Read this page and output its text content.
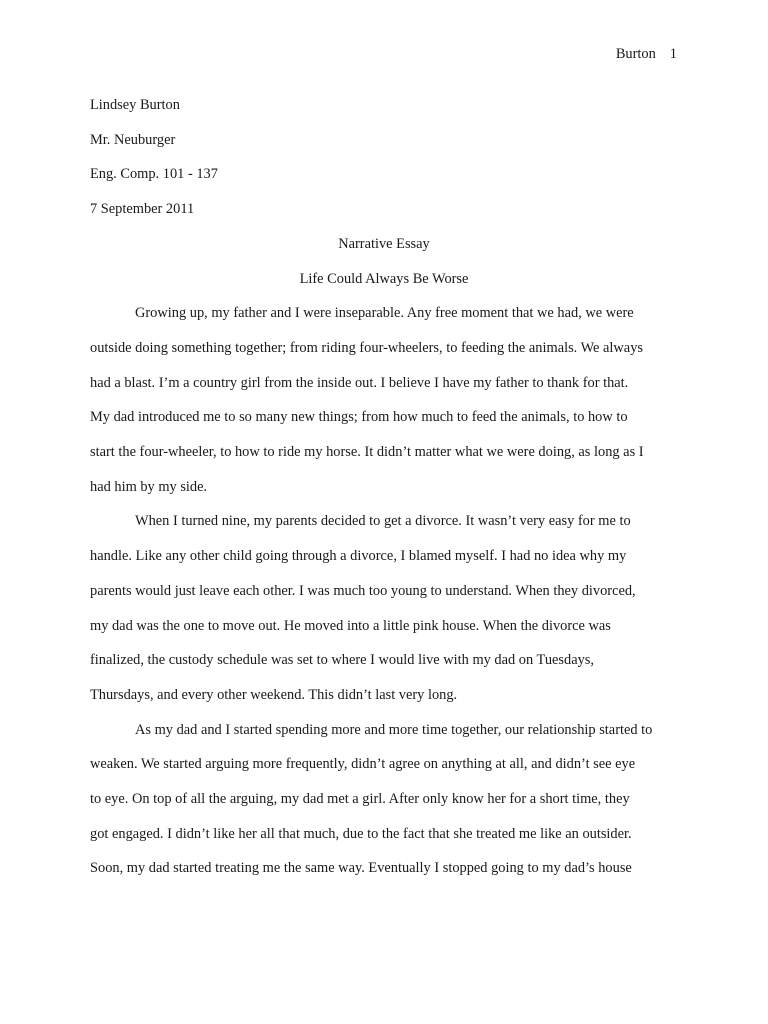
Burton 1
Lindsey Burton
Mr. Neuburger
Eng. Comp. 101 - 137
7 September 2011
Narrative Essay
Life Could Always Be Worse
Growing up, my father and I were inseparable. Any free moment that we had, we were
outside doing something together; from riding four-wheelers, to feeding the animals. We always
had a blast. I’m a country girl from the inside out. I believe I have my father to thank for that.
My dad introduced me to so many new things; from how much to feed the animals, to how to
start the four-wheeler, to how to ride my horse. It didn’t matter what we were doing, as long as I
had him by my side.
When I turned nine, my parents decided to get a divorce. It wasn’t very easy for me to
handle. Like any other child going through a divorce, I blamed myself. I had no idea why my
parents would just leave each other. I was much too young to understand. When they divorced,
my dad was the one to move out. He moved into a little pink house. When the divorce was
finalized, the custody schedule was set to where I would live with my dad on Tuesdays,
Thursdays, and every other weekend. This didn’t last very long.
As my dad and I started spending more and more time together, our relationship started to
weaken. We started arguing more frequently, didn’t agree on anything at all, and didn’t see eye
to eye. On top of all the arguing, my dad met a girl. After only know her for a short time, they
got engaged. I didn’t like her all that much, due to the fact that she treated me like an outsider.
Soon, my dad started treating me the same way. Eventually I stopped going to my dad’s house
